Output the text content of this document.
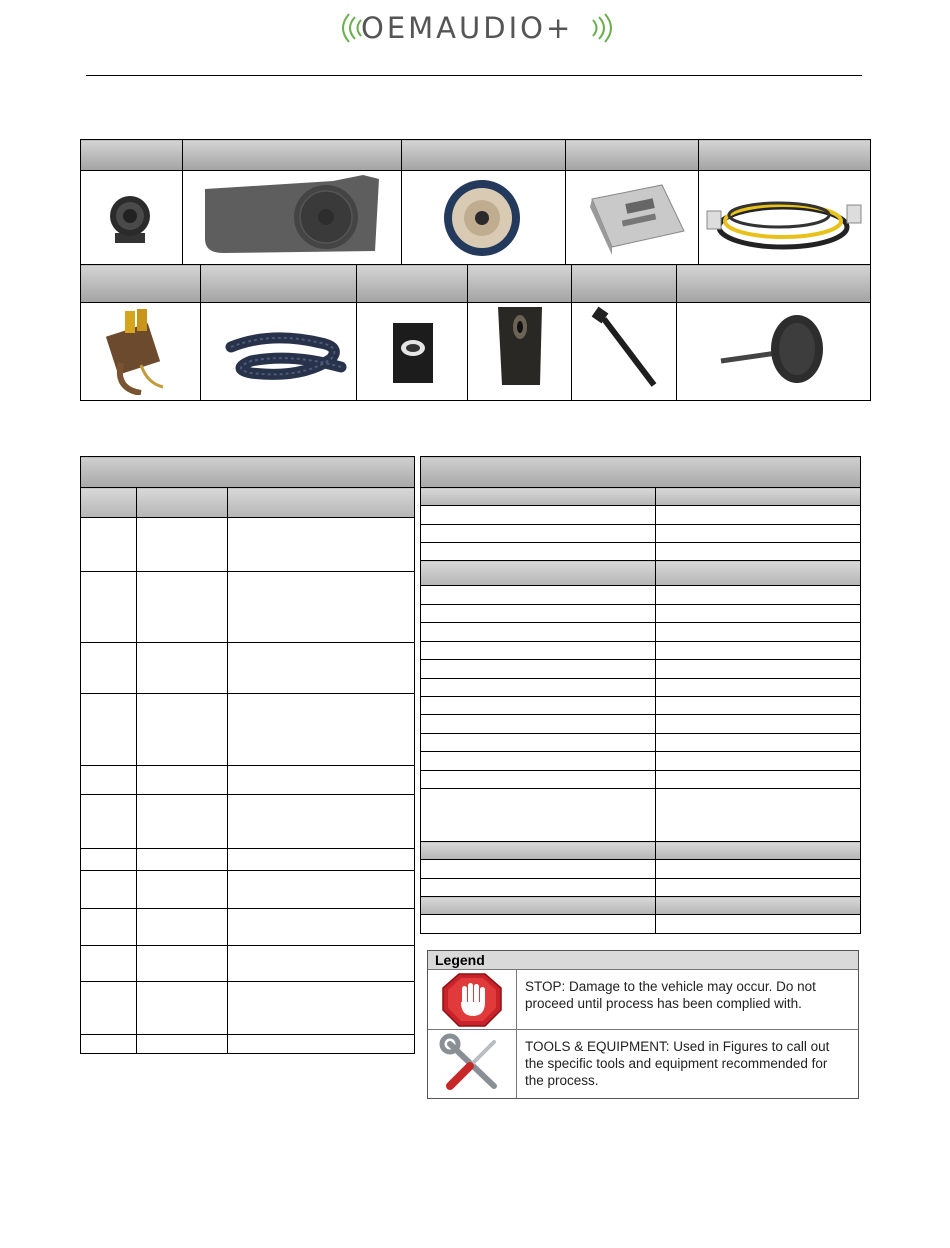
OEMAUDIO+

Legend
STOP: Damage to the vehicle may occur. Do not proceed until process has been complied with.
TOOLS & EQUIPMENT: Used in Figures to call out the specific tools and equipment recommended for the process.
